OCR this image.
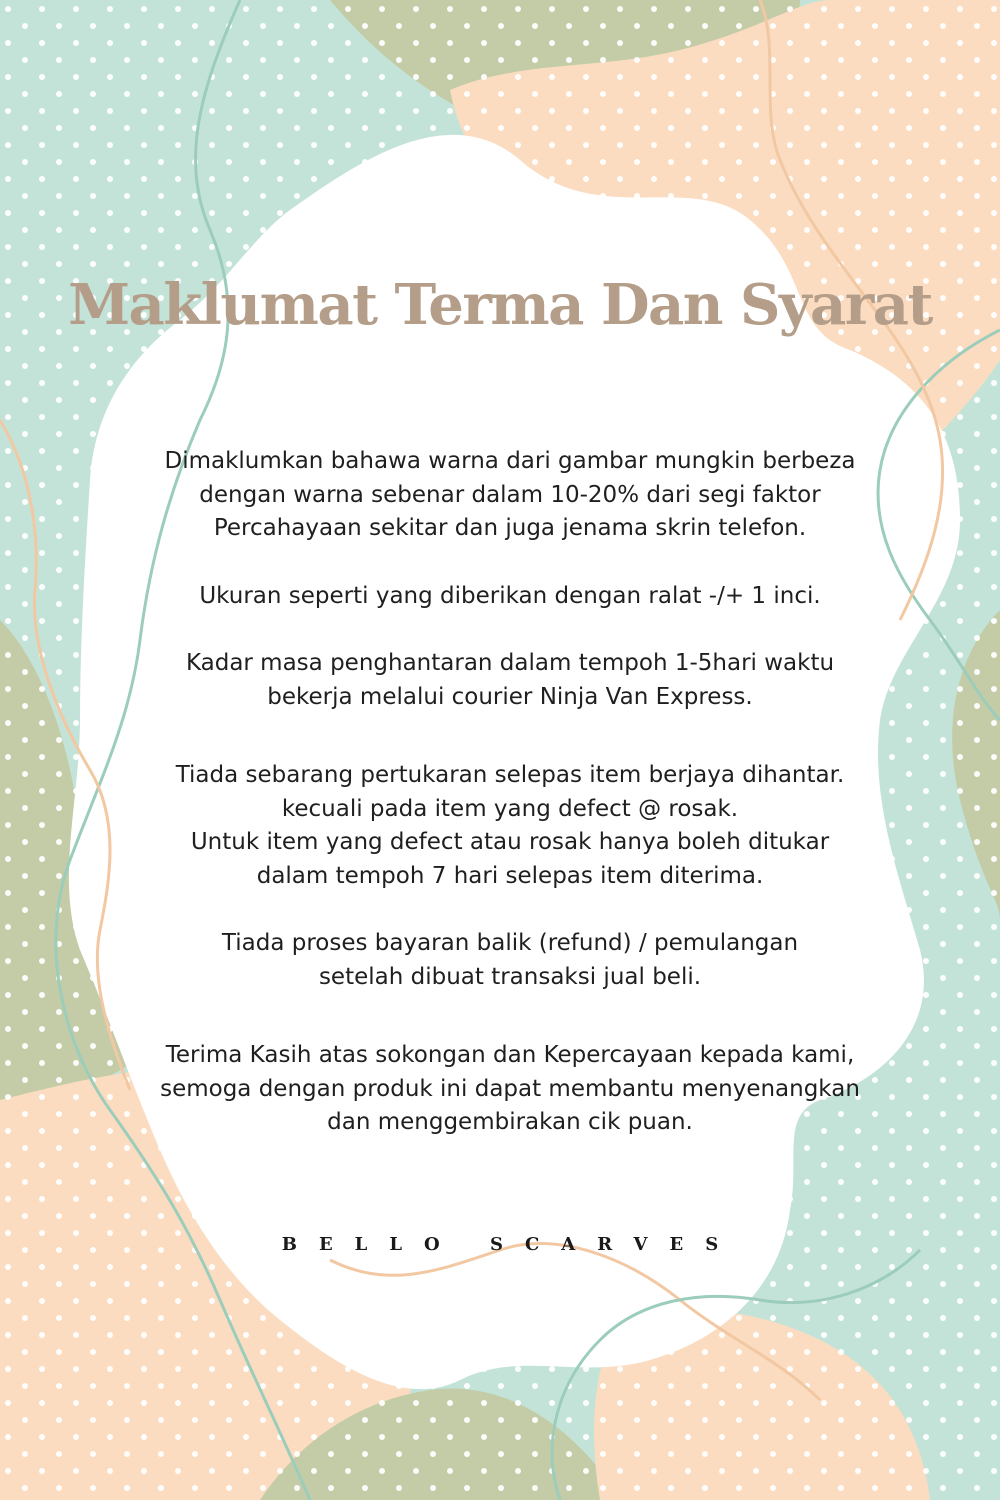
Maklumat Terma Dan Syarat

Dimaklumkan bahawa warna dari gambar mungkin berbeza
dengan warna sebenar dalam 10-20% dari segi faktor
Percahayaan sekitar dan juga jenama skrin telefon.

Ukuran seperti yang diberikan dengan ralat -/+ 1 inci.

Kadar masa penghantaran dalam tempoh 1-5hari waktu
bekerja melalui courier Ninja Van Express.

Tiada sebarang pertukaran selepas item berjaya dihantar.
kecuali pada item yang defect @ rosak.
Untuk item yang defect atau rosak hanya boleh ditukar
dalam tempoh 7 hari selepas item diterima.

Tiada proses bayaran balik (refund) / pemulangan
setelah dibuat transaksi jual beli.

Terima Kasih atas sokongan dan Kepercayaan kepada kami,
semoga dengan produk ini dapat membantu menyenangkan
dan menggembirakan cik puan.

BELLO SCARVES
